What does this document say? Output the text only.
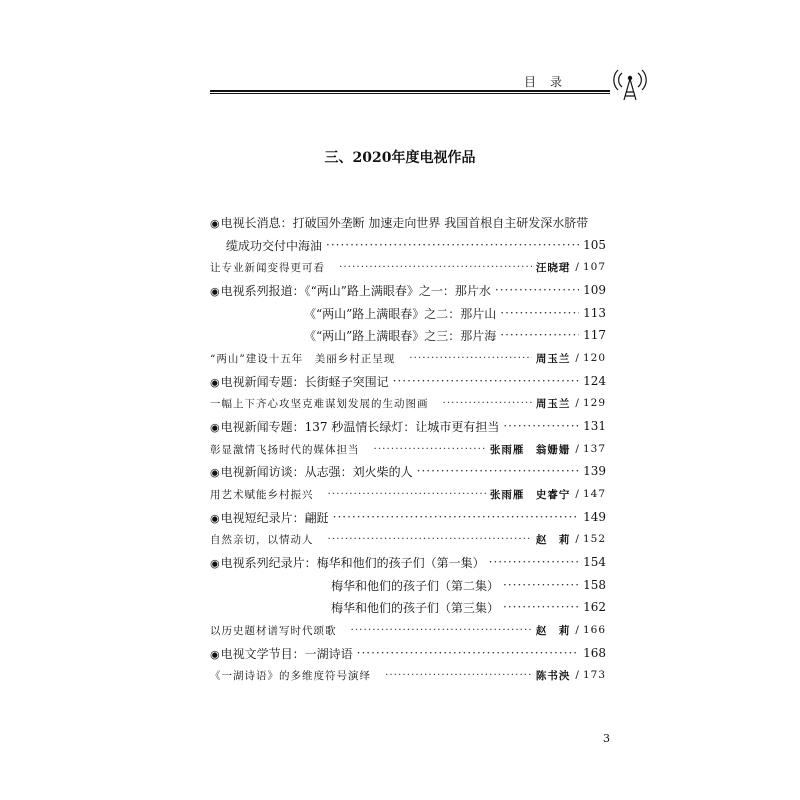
目录
三、2020年度电视作品
◉电视长消息：打破国外垄断 加速走向世界 我国首根自主研发深水脐带
缆成功交付中海油 ·····	105
让专业新闻变得更可看 ·····	汪晓珺 / 107
◉电视系列报道：《“两山”路上满眼春》之一：那片水 ·····	109
《“两山”路上满眼春》之二：那片山 ·····	113
《“两山”路上满眼春》之三：那片海 ·····	117
“两山”建设十五年　美丽乡村正呈现 ·····	周玉兰 / 120
◉电视新闻专题：长街蛏子突围记 ·····	124
一幅上下齐心攻坚克难谋划发展的生动图画 ·····	周玉兰 / 129
◉电视新闻专题：137 秒温情长绿灯：让城市更有担当 ·····	131
彰显激情飞扬时代的媒体担当 ·····	张雨雁　翁姗姗 / 137
◉电视新闻访谈：从志强：刘火柴的人 ·····	139
用艺术赋能乡村振兴 ·····	张雨雁　史睿宁 / 147
◉电视短纪录片：翩跹 ·····	149
自然亲切，以情动人 ·····	赵　莉 / 152
◉电视系列纪录片：梅华和他们的孩子们（第一集） ·····	154
梅华和他们的孩子们（第二集） ·····	158
梅华和他们的孩子们（第三集） ·····	162
以历史题材谱写时代颂歌 ·····	赵　莉 / 166
◉电视文学节目：一湖诗语 ·····	168
《一湖诗语》的多维度符号演绎 ·····	陈书泱 / 173
3
